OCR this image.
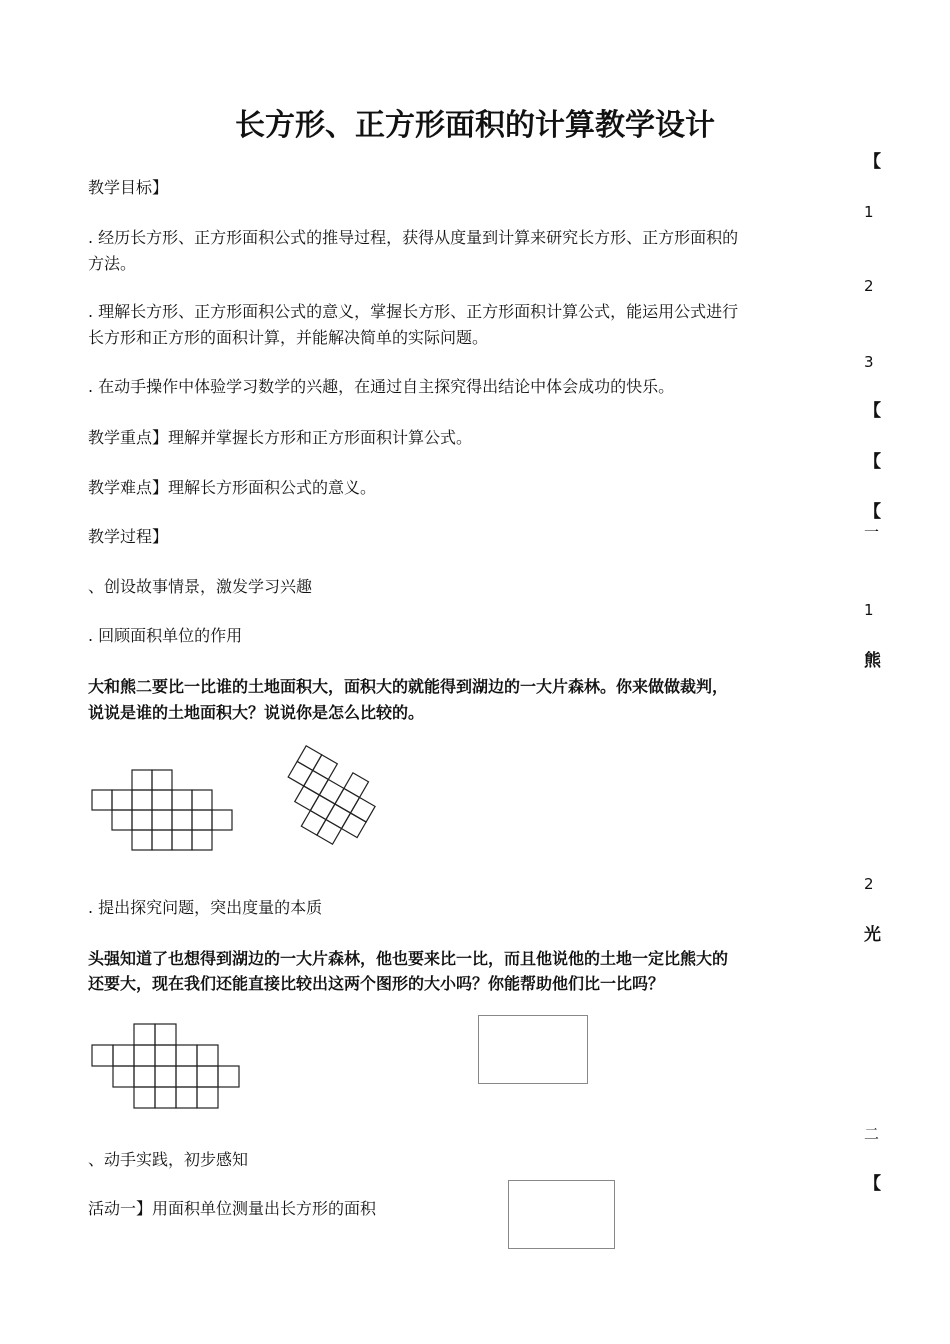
长方形、正方形面积的计算教学设计
【
1
2
3
【
【
【
一
1
熊
2
光
二
【
教学目标】
. 经历长方形、正方形面积公式的推导过程，获得从度量到计算来研究长方形、正方形面积的
方法。
. 理解长方形、正方形面积公式的意义，掌握长方形、正方形面积计算公式，能运用公式进行
长方形和正方形的面积计算，并能解决简单的实际问题。
. 在动手操作中体验学习数学的兴趣，在通过自主探究得出结论中体会成功的快乐。
教学重点】理解并掌握长方形和正方形面积计算公式。
教学难点】理解长方形面积公式的意义。
教学过程】
、创设故事情景，激发学习兴趣
. 回顾面积单位的作用
大和熊二要比一比谁的土地面积大，面积大的就能得到湖边的一大片森林。你来做做裁判，
说说是谁的土地面积大？说说你是怎么比较的。
. 提出探究问题，突出度量的本质
头强知道了也想得到湖边的一大片森林，他也要来比一比，而且他说他的土地一定比熊大的
还要大，现在我们还能直接比较出这两个图形的大小吗？你能帮助他们比一比吗？
、动手实践，初步感知
活动一】用面积单位测量出长方形的面积
